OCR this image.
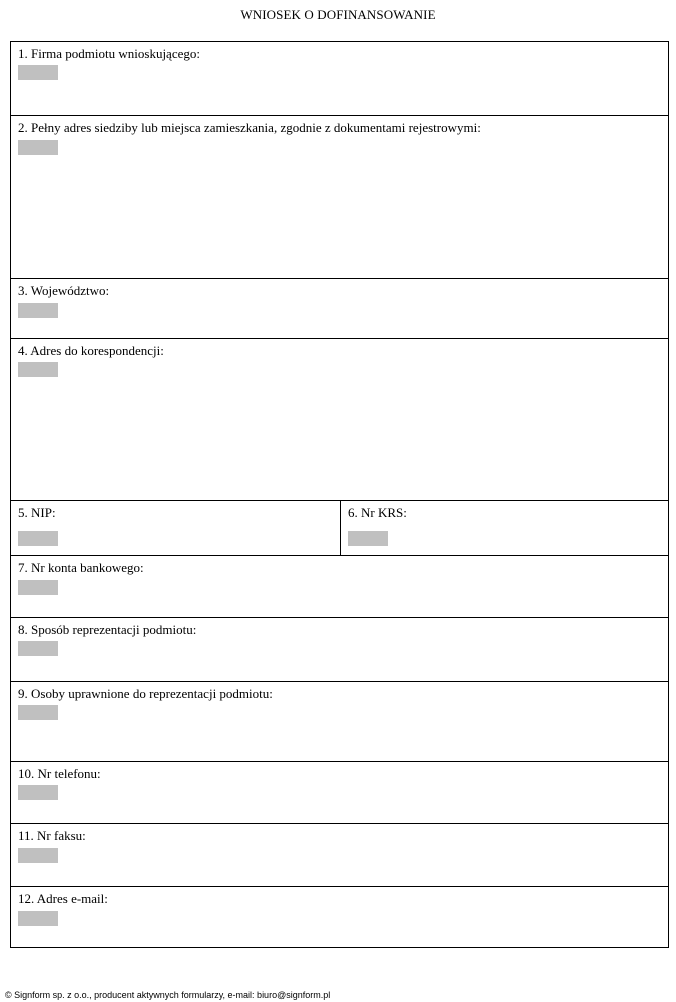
WNIOSEK O DOFINANSOWANIE
1. Firma podmiotu wnioskującego:
2. Pełny adres siedziby lub miejsca zamieszkania, zgodnie z dokumentami rejestrowymi:
3. Województwo:
4. Adres do korespondencji:
5. NIP:	6. Nr KRS:
7. Nr konta bankowego:
8. Sposób reprezentacji podmiotu:
9. Osoby uprawnione do reprezentacji podmiotu:
10. Nr telefonu:
11. Nr faksu:
12. Adres e-mail:
© Signform sp. z o.o., producent aktywnych formularzy, e-mail: biuro@signform.pl
